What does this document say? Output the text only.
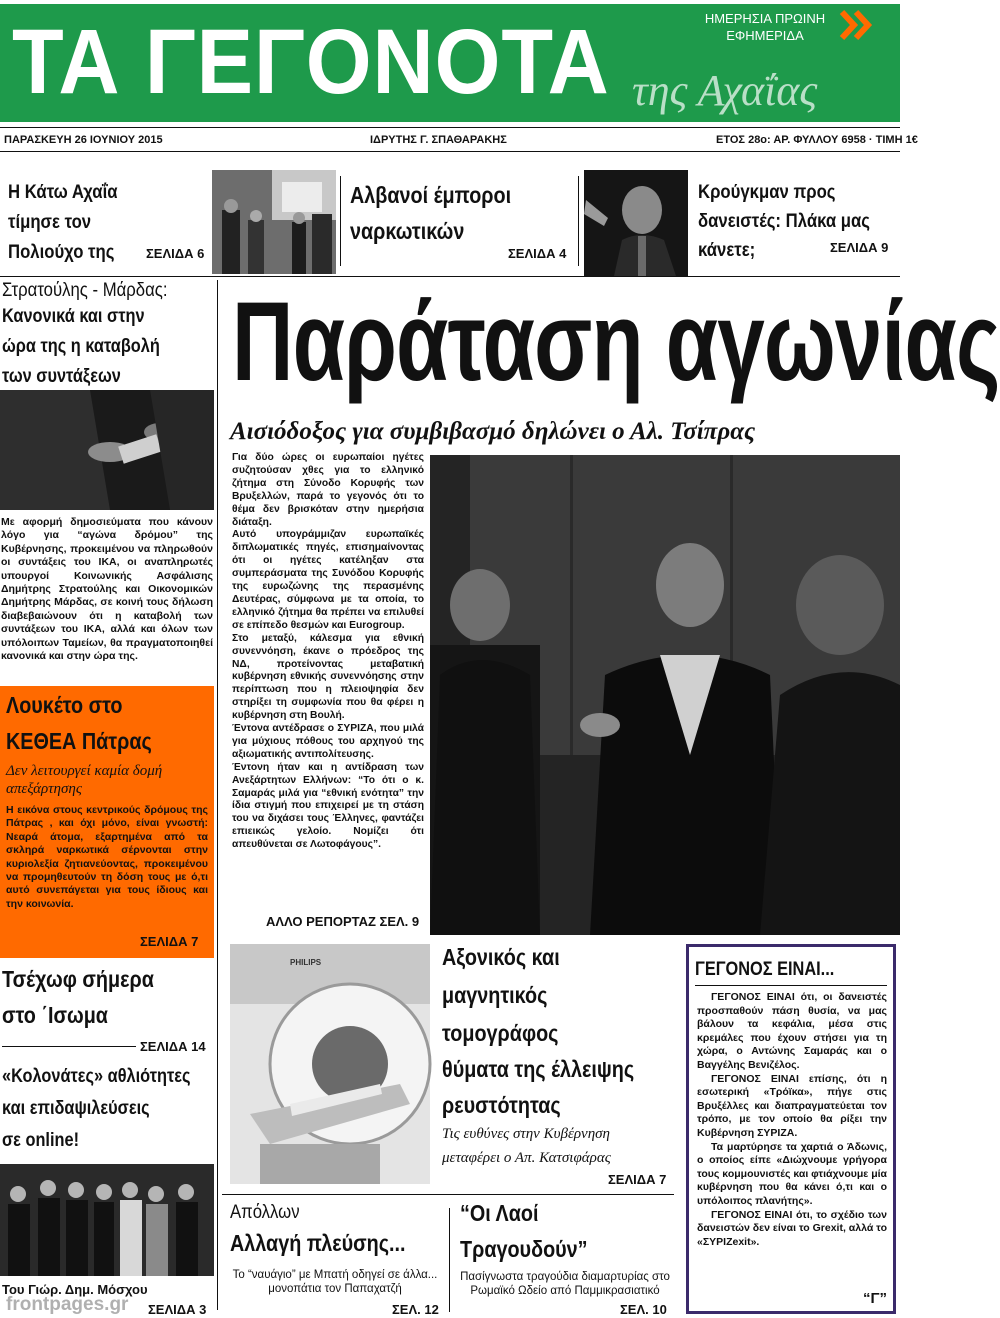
ΤΑ ΓΕΓΟΝΟΤΑ της Αχαΐας
ΗΜΕΡΗΣΙΑ ΠΡΩΙΝΗ
ΕΦΗΜΕΡΙΔΑ
ΠΑΡΑΣΚΕΥΗ 26 ΙΟΥΝΙΟΥ 2015	ΙΔΡΥΤΗΣ Γ. ΣΠΑΘΑΡΑΚΗΣ	ΕΤΟΣ 28ο: ΑΡ. ΦΥΛΛΟΥ 6958 · ΤΙΜΗ 1€
Η Κάτω Αχαΐα
τίμησε τον
Πολιούχο της ΣΕΛΙΔΑ 6
Αλβανοί έμποροι
ναρκωτικών
ΣΕΛΙΔΑ 4
Κρούγκμαν προς
δανειστές: Πλάκα μας
κάνετε;	ΣΕΛΙΔΑ 9
Στρατούλης - Μάρδας:
Κανονικά και στην
ώρα της η καταβολή
των συντάξεων
Με αφορμή δημοσιεύματα που κάνουν λόγο για “αγώνα δρόμου” της Κυβέρνησης, προκειμένου να πληρωθούν οι συντάξεις του ΙΚΑ, οι αναπληρωτές υπουργοί Κοινωνικής Ασφάλισης Δημήτρης Στρατούλης και Οικονομικών Δημήτρης Μάρδας, σε κοινή τους δήλωση διαβεβαιώνουν ότι η καταβολή των συντάξεων του ΙΚΑ, αλλά και όλων των υπόλοιπων Ταμείων, θα πραγματοποιηθεί κανονικά και στην ώρα της.
Λουκέτο στο
ΚΕΘΕΑ Πάτρας
Δεν λειτουργεί καμία δομή απεξάρτησης
Η εικόνα στους κεντρικούς δρόμους της Πάτρας , και όχι μόνο, είναι γνωστή: Νεαρά άτομα, εξαρτημένα από τα σκληρά ναρκωτικά σέρνονται στην κυριολεξία ζητιανεύοντας, προκειμένου να προμηθευτούν τη δόση τους με ό,τι αυτό συνεπάγεται για τους ίδιους και την κοινωνία.
ΣΕΛΙΔΑ 7
Τσέχωφ σήμερα
στο ΄Ισωμα
ΣΕΛΙΔΑ 14
«Κολονάτες» αθλιότητες
και επιδαψιλεύσεις
σε online!
Του Γιώρ. Δημ. Μόσχου
ΣΕΛΙΔΑ 3
frontpages.gr
Παράταση αγωνίας
Αισιόδοξος για συμβιβασμό δηλώνει ο Αλ. Τσίπρας

Για δύο ώρες οι ευρωπαίοι ηγέτες συζητούσαν χθες για το ελληνικό ζήτημα στη Σύνοδο Κορυφής των Βρυξελλών, παρά το γεγονός ότι το θέμα δεν βρισκόταν στην ημερήσια διάταξη.

Αυτό υπογράμμιζαν ευρωπαϊκές διπλωματικές πηγές, επισημαίνοντας ότι οι ηγέτες κατέληξαν στα συμπεράσματα της Συνόδου Κορυφής της ευρωζώνης της περασμένης Δευτέρας, σύμφωνα με τα οποία, το ελληνικό ζήτημα θα πρέπει να επιλυθεί σε επίπεδο θεσμών και Eurogroup.

Στο μεταξύ, κάλεσμα για εθνική συνεννόηση, έκανε ο πρόεδρος της ΝΔ, προτείνοντας μεταβατική κυβέρνηση εθνικής συνεννόησης στην περίπτωση που η πλειοψηφία δεν στηρίξει τη συμφωνία που θα φέρει η κυβέρνηση στη Βουλή.

Έντονα αντέδρασε ο ΣΥΡΙΖΑ, που μιλά για μύχιους πόθους του αρχηγού της αξιωματικής αντιπολίτευσης.

Έντονη ήταν και η αντίδραση των Ανεξάρτητων Ελλήνων: “Το ότι ο κ. Σαμαράς μιλά για “εθνική ενότητα” την ίδια στιγμή που επιχειρεί με τη στάση του να διχάσει τους Έλληνες, φαντάζει επιεικώς γελοίο. Νομίζει ότι απευθύνεται σε Λωτοφάγους”.

ΑΛΛΟ ΡΕΠΟΡΤΑΖ ΣΕΛ. 9
PHILIPS	Αξονικός και
μαγνητικός
τομογράφος
θύματα της έλλειψης
ρευστότητας
Τις ευθύνες στην Κυβέρνηση
μεταφέρει ο Απ. Κατσιφάρας
ΣΕΛΙΔΑ 7
Απόλλων
Αλλαγή πλεύσης...
Το “ναυάγιο” με Μπατή οδηγεί σε άλλα... μονοπάτια τον Παπαχατζή
ΣΕΛ. 12
“Οι Λαοί
Τραγουδούν”
Πασίγνωστα τραγούδια διαμαρτυρίας στο Ρωμαϊκό Ωδείο από Παμμικρασιατικό
ΣΕΛ. 10
ΓΕΓΟΝΟΣ ΕΙΝΑΙ...

ΓΕΓΟΝΟΣ ΕΙΝΑΙ ότι, οι δανειστές προσπαθούν πάση θυσία, να μας βάλουν τα κεφάλια, μέσα στις κρεμάλες που έχουν στήσει για τη χώρα, ο Αντώνης Σαμαράς και ο Βαγγέλης Βενιζέλος.

ΓΕΓΟΝΟΣ ΕΙΝΑΙ επίσης, ότι η εσωτερική «Τρόϊκα», πήγε στις Βρυξέλλες και διαπραγματεύεται τον τρόπο, με τον οποίο θα ρίξει την Κυβέρνηση ΣΥΡΙΖΑ.

Τα μαρτύρησε τα χαρτιά ο Άδωνις, ο οποίος είπε «Διώχνουμε γρήγορα τους κομμουνιστές και φτιάχνουμε μία κυβέρνηση που θα κάνει ό,τι και ο υπόλοιπος πλανήτης».

ΓΕΓΟΝΟΣ ΕΙΝΑΙ ότι, το σχέδιο των δανειστών δεν είναι το Grexit, αλλά το «ΣΥΡΙΖexit».

“Γ”
